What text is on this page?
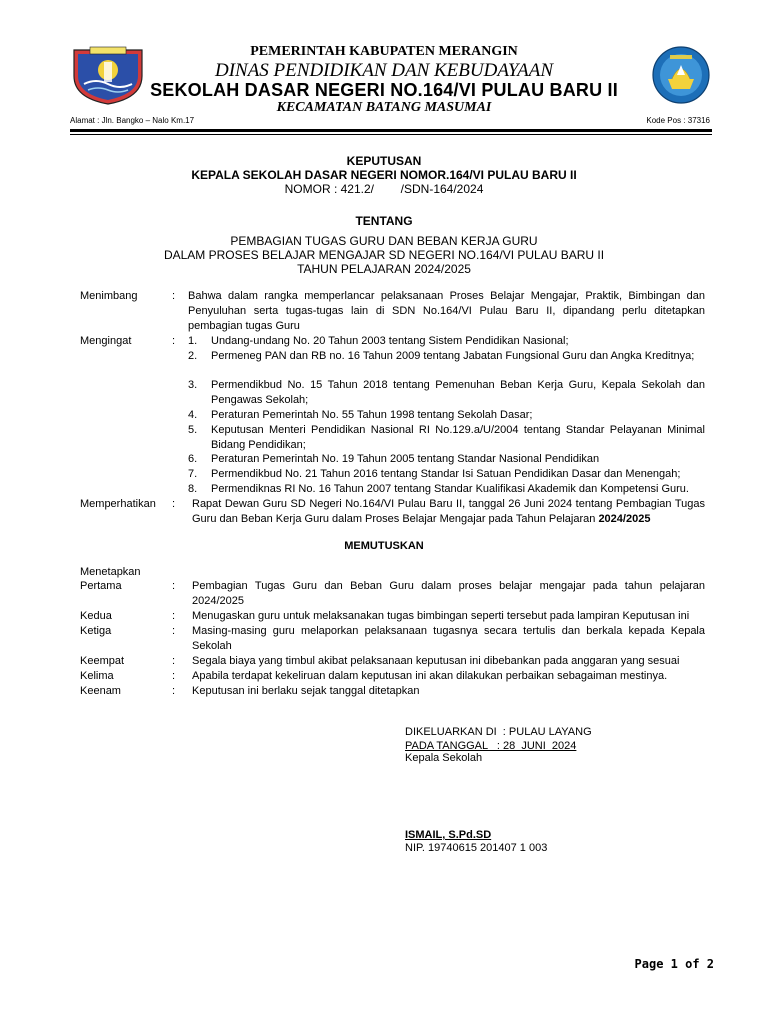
PEMERINTAH KABUPATEN MERANGIN
DINAS PENDIDIKAN DAN KEBUDAYAAN
SEKOLAH DASAR NEGERI NO.164/VI PULAU BARU II
KECAMATAN BATANG MASUMAI
Alamat : Jln. Bangko – Nalo Km.17	Kode Pos : 37316
KEPUTUSAN
KEPALA SEKOLAH DASAR NEGERI NOMOR.164/VI PULAU BARU II
NOMOR : 421.2/        /SDN-164/2024
TENTANG
PEMBAGIAN TUGAS GURU DAN BEBAN KERJA GURU
DALAM PROSES BELAJAR MENGAJAR SD NEGERI NO.164/VI PULAU BARU II
TAHUN PELAJARAN 2024/2025
Menimbang	: Bahwa dalam rangka memperlancar pelaksanaan Proses Belajar Mengajar, Praktik, Bimbingan dan Penyuluhan serta tugas-tugas lain di SDN No.164/VI Pulau Baru II, dipandang perlu ditetapkan pembagian tugas Guru
Mengingat	: 1.	Undang-undang No. 20 Tahun 2003 tentang Sistem Pendidikan Nasional;
2.	Permeneg PAN dan RB no. 16 Tahun 2009 tentang Jabatan Fungsional Guru dan Angka Kreditnya;
3.	Permendikbud No. 15 Tahun 2018 tentang Pemenuhan Beban Kerja Guru, Kepala Sekolah dan Pengawas Sekolah;
4.	Peraturan Pemerintah No. 55 Tahun 1998 tentang Sekolah Dasar;
5.	Keputusan Menteri Pendidikan Nasional RI No.129.a/U/2004 tentang Standar Pelayanan Minimal Bidang Pendidikan;
6.	Peraturan Pemerintah No. 19 Tahun 2005 tentang Standar Nasional Pendidikan
7.	Permendikbud No. 21 Tahun 2016 tentang Standar Isi Satuan Pendidikan Dasar dan Menengah;
8.	Permendiknas RI No. 16 Tahun 2007 tentang Standar Kualifikasi Akademik dan Kompetensi Guru.
Memperhatikan : Rapat Dewan Guru SD Negeri No.164/VI Pulau Baru II, tanggal 26 Juni 2024 tentang Pembagian Tugas Guru dan Beban Kerja Guru dalam Proses Belajar Mengajar pada Tahun Pelajaran 2024/2025
MEMUTUSKAN
Menetapkan
Pertama	: Pembagian Tugas Guru dan Beban Guru dalam proses belajar mengajar pada tahun pelajaran 2024/2025
Kedua	: Menugaskan guru untuk melaksanakan tugas bimbingan seperti tersebut pada lampiran Keputusan ini
Ketiga	: Masing-masing guru melaporkan pelaksanaan tugasnya secara tertulis dan berkala kepada Kepala Sekolah
Keempat	: Segala biaya yang timbul akibat pelaksanaan keputusan ini dibebankan pada anggaran yang sesuai
Kelima	: Apabila terdapat kekeliruan dalam keputusan ini akan dilakukan perbaikan sebagaiman mestinya.
Keenam	: Keputusan ini berlaku sejak tanggal ditetapkan
DIKELUARKAN DI  : PULAU LAYANG
PADA TANGGAL   : 28  JUNI  2024
Kepala Sekolah
ISMAIL, S.Pd.SD
NIP. 19740615 201407 1 003
Page 1 of 2
